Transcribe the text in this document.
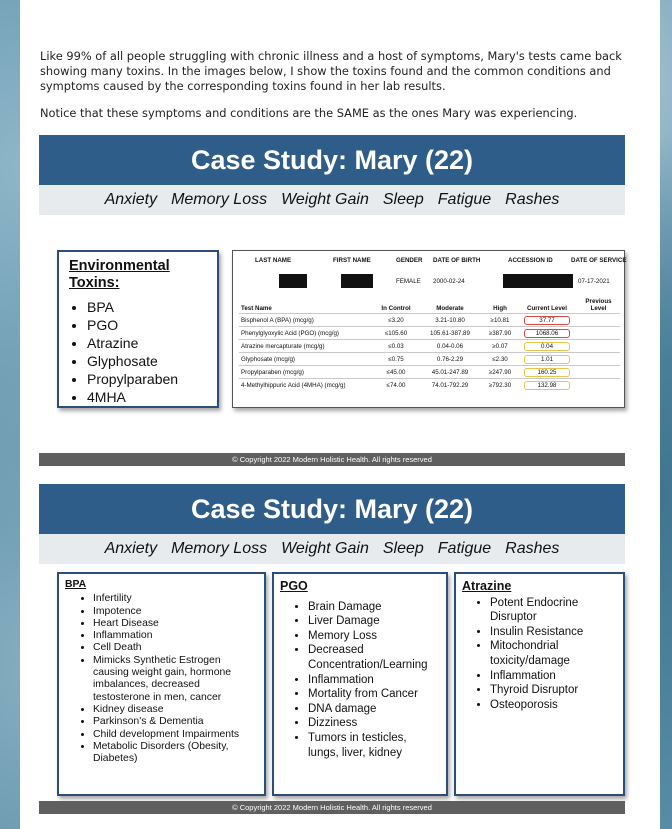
Like 99% of all people struggling with chronic illness and a host of symptoms, Mary's tests came back showing many toxins. In the images below, I show the toxins found and the common conditions and symptoms caused by the corresponding toxins found in her lab results.

Notice that these symptoms and conditions are the SAME as the ones Mary was experiencing.

Case Study: Mary (22)
Anxiety Memory Loss Weight Gain Sleep Fatigue Rashes
Environmental
Toxins:
• BPA
• PGO
• Atrazine
• Glyphosate
• Propylparaben
• 4MHA
LAST NAME	FIRST NAME	GENDER DATE OF BIRTH	ACCESSION ID	DATE OF SERVICE
FEMALE 2000-02-24	07-17-2021
Test Name	In Control	Moderate	High	Current Level	Previous Level
Bisphenol A (BPA) (mcg/g)	≤3.20	3.21-10.80	≥10.81	37.77	
Phenylglyoxylic Acid (PGO) (mcg/g)	≤105.60	105.61-387.89	≥387.90	1068.06	
Atrazine mercapturate (mcg/g)	≤0.03	0.04-0.06	≥0.07	0.04	
Glyphosate (mcg/g)	≤0.75	0.76-2.29	≤2.30	1.01	
Propylparaben (mcg/g)	≤45.00	45.01-247.89	≥247.90	160.25	
4-Methylhippuric Acid (4MHA) (mcg/g)	≤74.00	74.01-792.29	≥792.30	132.98	
© Copyright 2022 Modern Holistic Health. All rights reserved
Case Study: Mary (22)
Anxiety Memory Loss Weight Gain Sleep Fatigue Rashes
BPA
• Infertility
• Impotence
• Heart Disease
• Inflammation
• Cell Death
• Mimicks Synthetic Estrogen causing weight gain, hormone imbalances, decreased testosterone in men, cancer
• Kidney disease
• Parkinson's & Dementia
• Child development Impairments
• Metabolic Disorders (Obesity, Diabetes)
PGO
• Brain Damage
• Liver Damage
• Memory Loss
• Decreased Concentration/Learning
• Inflammation
• Mortality from Cancer
• DNA damage
• Dizziness
• Tumors in testicles, lungs, liver, kidney
Atrazine
• Potent Endocrine Disruptor
• Insulin Resistance
• Mitochondrial toxicity/damage
• Inflammation
• Thyroid Disruptor
• Osteoporosis
© Copyright 2022 Modern Holistic Health. All rights reserved
